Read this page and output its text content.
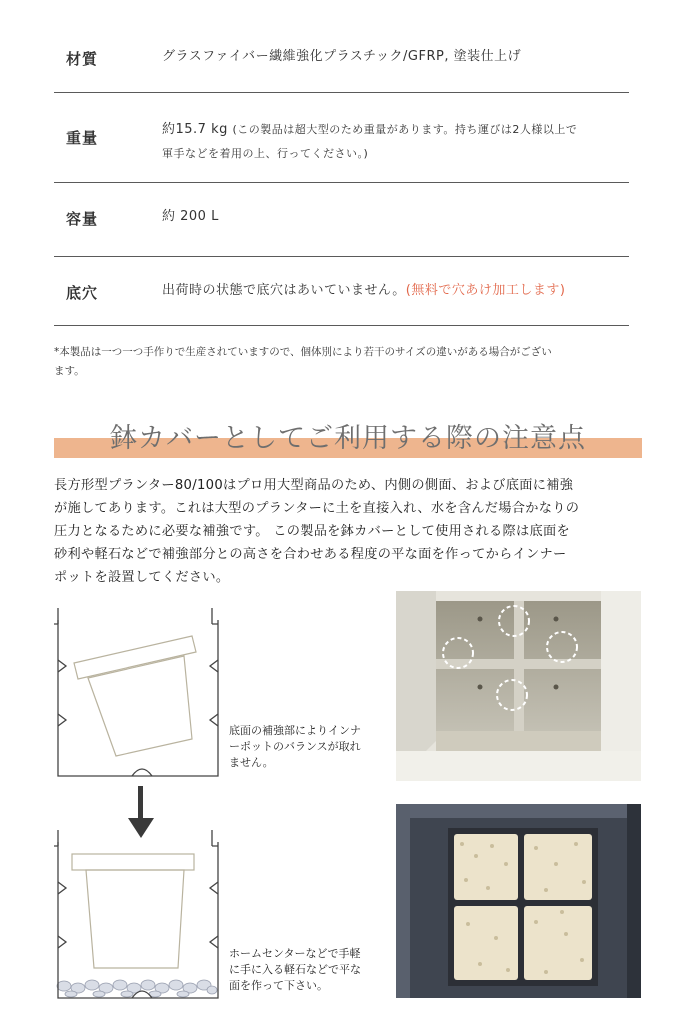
材質	グラスファイバー繊維強化プラスチック/GFRP, 塗装仕上げ
重量	約15.7 kg (この製品は超大型のため重量があります。持ち運びは2人様以上で
軍手などを着用の上、行ってください。)
容量	約 200 L
底穴	出荷時の状態で底穴はあいていません。(無料で穴あけ加工します)
*本製品は一つ一つ手作りで生産されていますので、個体別により若干のサイズの違いがある場合がござい
ます。
鉢カバーとしてご利用する際の注意点
長方形型プランター80/100はプロ用大型商品のため、内側の側面、および底面に補強
が施してあります。これは大型のプランターに土を直接入れ、水を含んだ場合かなりの
圧力となるために必要な補強です。 この製品を鉢カバーとして使用される際は底面を
砂利や軽石などで補強部分との高さを合わせある程度の平な面を作ってからインナー
ポットを設置してください。
底面の補強部によりインナ
ーポットのバランスが取れ
ません。
ホームセンターなどで手軽
に手に入る軽石などで平な
面を作って下さい。
